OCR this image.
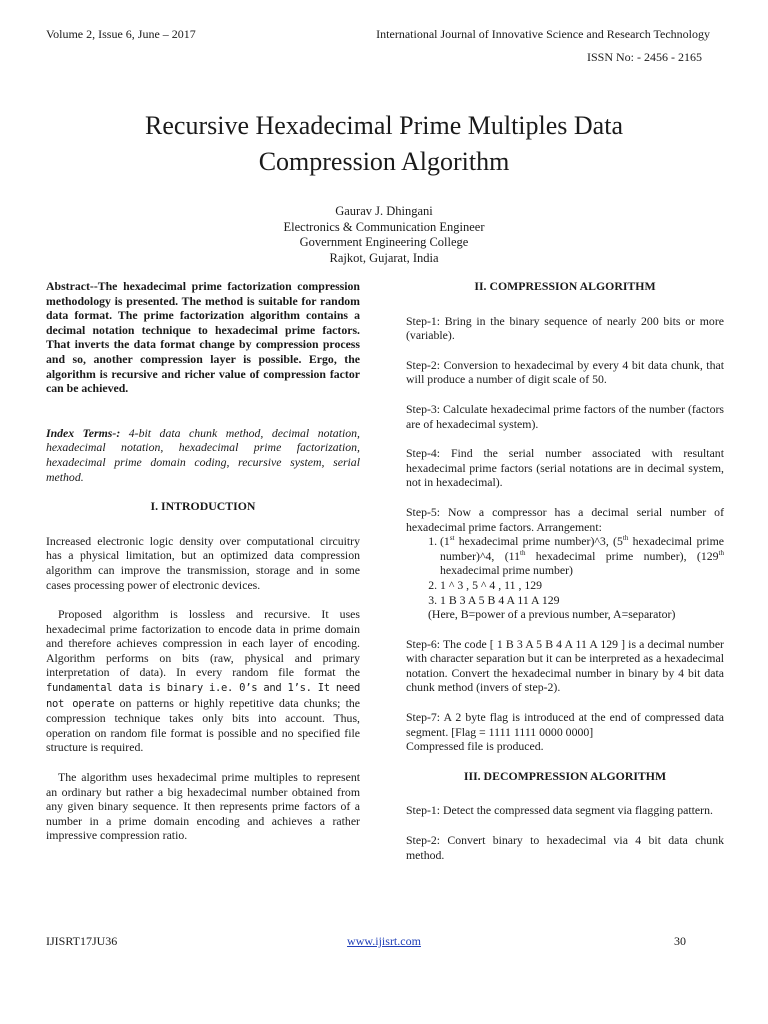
Volume 2, Issue 6, June – 2017	International Journal of Innovative Science and Research Technology
ISSN No: - 2456 - 2165
Recursive Hexadecimal Prime Multiples Data
Compression Algorithm
Gaurav J. Dhingani
Electronics & Communication Engineer
Government Engineering College
Rajkot, Gujarat, India

Abstract--The hexadecimal prime factorization compression methodology is presented. The method is suitable for random data format. The prime factorization algorithm contains a decimal notation technique to hexadecimal prime factors. That inverts the data format change by compression process and so, another compression layer is possible. Ergo, the algorithm is recursive and richer value of compression factor can be achieved.

Index Terms-: 4-bit data chunk method, decimal notation, hexadecimal notation, hexadecimal prime factorization, hexadecimal prime domain coding, recursive system, serial method.

I. INTRODUCTION

Increased electronic logic density over computational circuitry has a physical limitation, but an optimized data compression algorithm can improve the transmission, storage and in some cases processing power of electronic devices.

Proposed algorithm is lossless and recursive. It uses hexadecimal prime factorization to encode data in prime domain and therefore achieves compression in each layer of encoding. Algorithm performs on bits (raw, physical and primary interpretation of data). In every random file format the fundamental data is binary i.e. 0’s and 1’s. It need not operate on patterns or highly repetitive data chunks; the compression technique takes only bits into account. Thus, operation on random file format is possible and no specified file structure is required.

The algorithm uses hexadecimal prime multiples to represent an ordinary but rather a big hexadecimal number obtained from any given binary sequence. It then represents prime factors of a number in a prime domain encoding and achieves a rather impressive compression ratio.

II. COMPRESSION ALGORITHM

Step-1: Bring in the binary sequence of nearly 200 bits or more (variable).

Step-2: Conversion to hexadecimal by every 4 bit data chunk, that will produce a number of digit scale of 50.

Step-3: Calculate hexadecimal prime factors of the number (factors are of hexadecimal system).

Step-4: Find the serial number associated with resultant hexadecimal prime factors (serial notations are in decimal system, not in hexadecimal).

Step-5: Now a compressor has a decimal serial number of hexadecimal prime factors. Arrangement:

1. (1st hexadecimal prime number)^3, (5th hexadecimal prime number)^4, (11th hexadecimal prime number), (129th hexadecimal prime number)
2. 1 ^ 3 , 5 ^ 4 , 11 , 129
3. 1 B 3 A 5 B 4 A 11 A 129
(Here, B=power of a previous number, A=separator)

Step-6: The code [ 1 B 3 A 5 B 4 A 11 A 129 ] is a decimal number with character separation but it can be interpreted as a hexadecimal notation. Convert the hexadecimal number in binary by 4 bit data chunk method (invers of step-2).

Step-7: A 2 byte flag is introduced at the end of compressed data segment. [Flag = 1111 1111 0000 0000]

Compressed file is produced.

III. DECOMPRESSION ALGORITHM

Step-1: Detect the compressed data segment via flagging pattern.

Step-2: Convert binary to hexadecimal via 4 bit data chunk method.

IJISRT17JU36	www.ijisrt.com	30
